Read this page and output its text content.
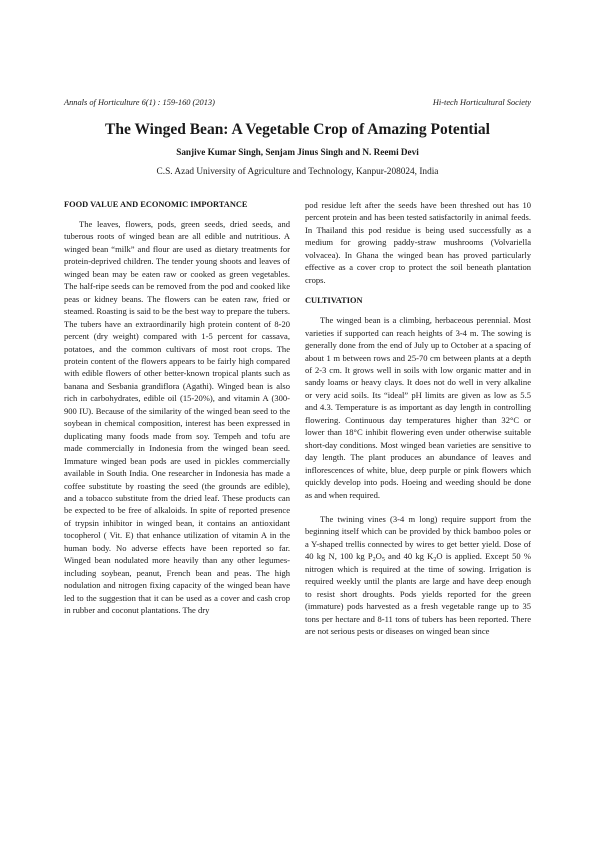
Annals of Horticulture 6(1) : 159-160 (2013)	Hi-tech Horticultural Society
The Winged Bean: A Vegetable Crop of Amazing Potential
Sanjive Kumar Singh, Senjam Jinus Singh and N. Reemi Devi
C.S. Azad University of Agriculture and Technology, Kanpur-208024, India
FOOD VALUE AND ECONOMIC IMPORTANCE

The leaves, flowers, pods, green seeds, dried seeds, and tuberous roots of winged bean are all edible and nutritious. A winged bean “milk” and flour are used as dietary treatments for protein-deprived children. The tender young shoots and leaves of winged bean may be eaten raw or cooked as green vegetables. The half-ripe seeds can be removed from the pod and cooked like peas or kidney beans. The flowers can be eaten raw, fried or steamed. Roasting is said to be the best way to prepare the tubers. The tubers have an extraordinarily high protein content of 8-20 percent (dry weight) compared with 1-5 percent for cassava, potatoes, and the common cultivars of most root crops. The protein content of the flowers appears to be fairly high compared with edible flowers of other better-known tropical plants such as banana and Sesbania grandiflora (Agathi). Winged bean is also rich in carbohydrates, edible oil (15-20%), and vitamin A (300-900 IU). Because of the similarity of the winged bean seed to the soybean in chemical composition, interest has been expressed in duplicating many foods made from soy. Tempeh and tofu are made commercially in Indonesia from the winged bean seed. Immature winged bean pods are used in pickles commercially available in South India. One researcher in Indonesia has made a coffee substitute by roasting the seed (the grounds are edible), and a tobacco substitute from the dried leaf. These products can be expected to be free of alkaloids. In spite of reported presence of trypsin inhibitor in winged bean, it contains an antioxidant tocopherol ( Vit. E) that enhance utilization of vitamin A in the human body. No adverse effects have been reported so far. Winged bean nodulated more heavily than any other legumes-including soybean, peanut, French bean and peas. The high nodulation and nitrogen fixing capacity of the winged bean have led to the suggestion that it can be used as a cover and cash crop in rubber and coconut plantations. The dry

pod residue left after the seeds have been threshed out has 10 percent protein and has been tested satisfactorily in animal feeds. In Thailand this pod residue is being used successfully as a medium for growing paddy-straw mushrooms (Volvariella volvacea). In Ghana the winged bean has proved particularly effective as a cover crop to protect the soil beneath plantation crops.

CULTIVATION

The winged bean is a climbing, herbaceous perennial. Most varieties if supported can reach heights of 3-4 m. The sowing is generally done from the end of July up to October at a spacing of about 1 m between rows and 25-70 cm between plants at a depth of 2-3 cm. It grows well in soils with low organic matter and in sandy loams or heavy clays. It does not do well in very alkaline or very acid soils. Its “ideal” pH limits are given as low as 5.5 and 4.3. Temperature is as important as day length in controlling flowering. Continuous day temperatures higher than 32°C or lower than 18°C inhibit flowering even under otherwise suitable short-day conditions. Most winged bean varieties are sensitive to day length. The plant produces an abundance of leaves and inflorescences of white, blue, deep purple or pink flowers which quickly develop into pods. Hoeing and weeding should be done as and when required.

The twining vines (3-4 m long) require support from the beginning itself which can be provided by thick bamboo poles or a Y-shaped trellis connected by wires to get better yield. Dose of 40 kg N, 100 kg $P_2O_5$ and 40 kg $K_2O$ is applied. Except 50 % nitrogen which is required at the time of sowing. Irrigation is required weekly until the plants are large and have deep enough to resist short droughts. Pods yields reported for the green (immature) pods harvested as a fresh vegetable range up to 35 tons per hectare and 8-11 tons of tubers has been reported. There are not serious pests or diseases on winged bean since
